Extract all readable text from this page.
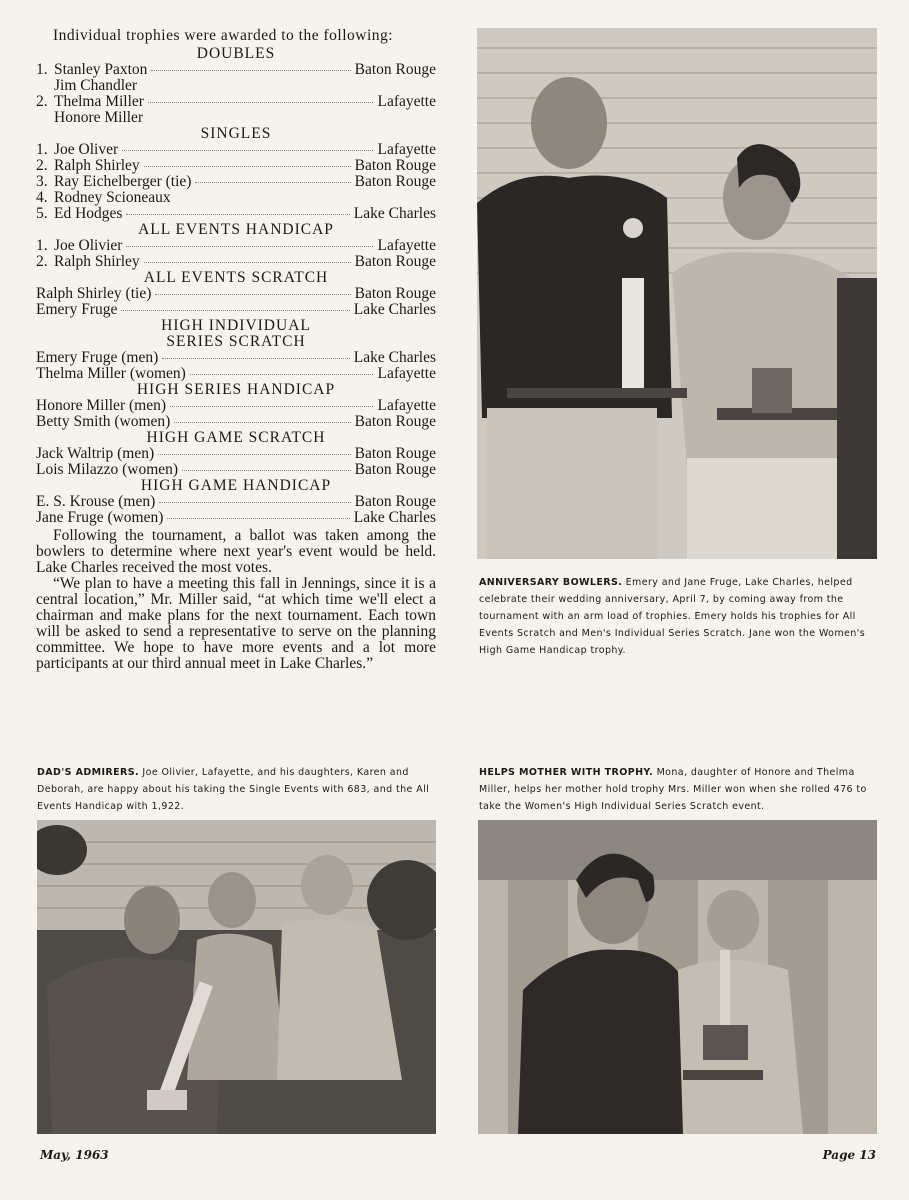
Individual trophies were awarded to the following:

DOUBLES

1. Stanley Paxton	Baton Rouge
Jim Chandler
2. Thelma Miller	Lafayette
Honore Miller

SINGLES

1. Joe Oliver	Lafayette
2. Ralph Shirley	Baton Rouge
3. Ray Eichelberger (tie)	Baton Rouge
4. Rodney Scioneaux
5. Ed Hodges	Lake Charles

ALL EVENTS HANDICAP

1. Joe Olivier	Lafayette
2. Ralph Shirley	Baton Rouge

ALL EVENTS SCRATCH

Ralph Shirley (tie)	Baton Rouge
Emery Fruge	Lake Charles

HIGH INDIVIDUAL

SERIES SCRATCH

Emery Fruge (men)	Lake Charles
Thelma Miller (women)	Lafayette

HIGH SERIES HANDICAP

Honore Miller (men)	Lafayette
Betty Smith (women)	Baton Rouge

HIGH GAME SCRATCH

Jack Waltrip (men)	Baton Rouge
Lois Milazzo (women)	Baton Rouge

HIGH GAME HANDICAP

E. S. Krouse (men)	Baton Rouge
Jane Fruge (women)	Lake Charles

Following the tournament, a ballot was taken among the bowlers to determine where next year's event would be held. Lake Charles received the most votes.

“We plan to have a meeting this fall in Jennings, since it is a central location,” Mr. Miller said, “at which time we'll elect a chairman and make plans for the next tournament. Each town will be asked to send a representative to serve on the planning committee. We hope to have more events and a lot more participants at our third annual meet in Lake Charles.”

ANNIVERSARY BOWLERS. Emery and Jane Fruge, Lake Charles, helped celebrate their wedding anniversary, April 7, by coming away from the tournament with an arm load of trophies. Emery holds his trophies for All Events Scratch and Men's Individual Series Scratch. Jane won the Women's High Game Handicap trophy.
DAD'S ADMIRERS. Joe Olivier, Lafayette, and his daughters, Karen and Deborah, are happy about his taking the Single Events with 683, and the All Events Handicap with 1,922.
HELPS MOTHER WITH TROPHY. Mona, daughter of Honore and Thelma Miller, helps her mother hold trophy Mrs. Miller won when she rolled 476 to take the Women's High Individual Series Scratch event.
May, 1963	Page 13
